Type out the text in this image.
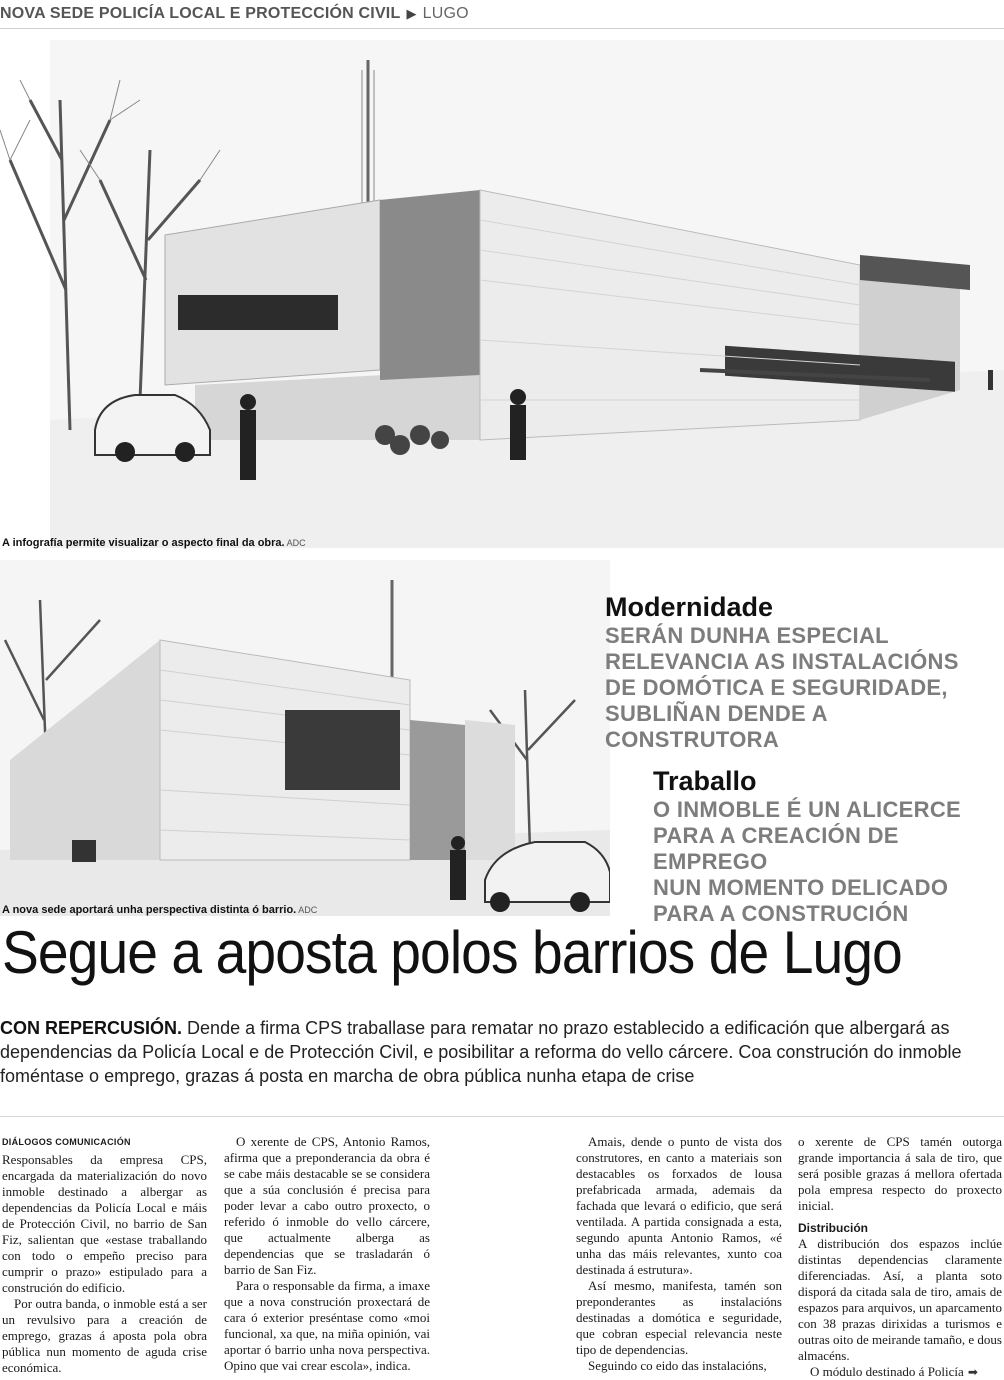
NOVA SEDE POLICÍA LOCAL E PROTECCIÓN CIVIL ▶ LUGO
A infografía permite visualizar o aspecto final da obra. ADC
A nova sede aportará unha perspectiva distinta ó barrio. ADC
Modernidade
SERÁN DUNHA ESPECIAL
RELEVANCIA AS INSTALACIÓNS
DE DOMÓTICA E SEGURIDADE,
SUBLIÑAN DENDE A CONSTRUTORA
Traballo
O INMOBLE É UN ALICERCE
PARA A CREACIÓN DE EMPREGO
NUN MOMENTO DELICADO
PARA A CONSTRUCIÓN
Segue a aposta polos barrios de Lugo
CON REPERCUSIÓN. Dende a firma CPS traballase para rematar no prazo establecido a edificación que albergará as dependencias da Policía Local e de Protección Civil, e posibilitar a reforma do vello cárcere. Coa construción do inmoble foméntase o emprego, grazas á posta en marcha de obra pública nunha etapa de crise
DIÁLOGOS COMUNICACIÓN

Responsables da empresa CPS, encargada da materialización do novo inmoble destinado a albergar as dependencias da Policía Local e máis de Protección Civil, no barrio de San Fiz, salientan que «estase traballando con todo o empeño preciso para cumprir o prazo» estipulado para a construción do edificio.

Por outra banda, o inmoble está a ser un revulsivo para a creación de emprego, grazas á aposta pola obra pública nun momento de aguda crise económica.

O xerente de CPS, Antonio Ramos, afirma que a preponderancia da obra é se cabe máis destacable se se considera que a súa conclusión é precisa para poder levar a cabo outro proxecto, o referido ó inmoble do vello cárcere, que actualmente alberga as dependencias que se trasladarán ó barrio de San Fiz.

Para o responsable da firma, a imaxe que a nova construción proxectará de cara ó exterior preséntase como «moi funcional, xa que, na miña opinión, vai aportar ó barrio unha nova perspectiva. Opino que vai crear escola», indica.

Amais, dende o punto de vista dos construtores, en canto a materiais son destacables os forxados de lousa prefabricada armada, ademais da fachada que levará o edificio, que será ventilada. A partida consignada a esta, segundo apunta Antonio Ramos, «é unha das máis relevantes, xunto coa destinada á estrutura».

Así mesmo, manifesta, tamén son preponderantes as instalacións destinadas a domótica e seguridade, que cobran especial relevancia neste tipo de dependencias.

Seguindo co eido das instalacións,

o xerente de CPS tamén outorga grande importancia á sala de tiro, que será posible grazas á mellora ofertada pola empresa respecto do proxecto inicial.

Distribución

A distribución dos espazos inclúe distintas dependencias claramente diferenciadas. Así, a planta soto disporá da citada sala de tiro, amais de espazos para arquivos, un aparcamento con 38 prazas dirixidas a turismos e outras oito de meirande tamaño, e dous almacéns.

O módulo destinado á Policía ➡
